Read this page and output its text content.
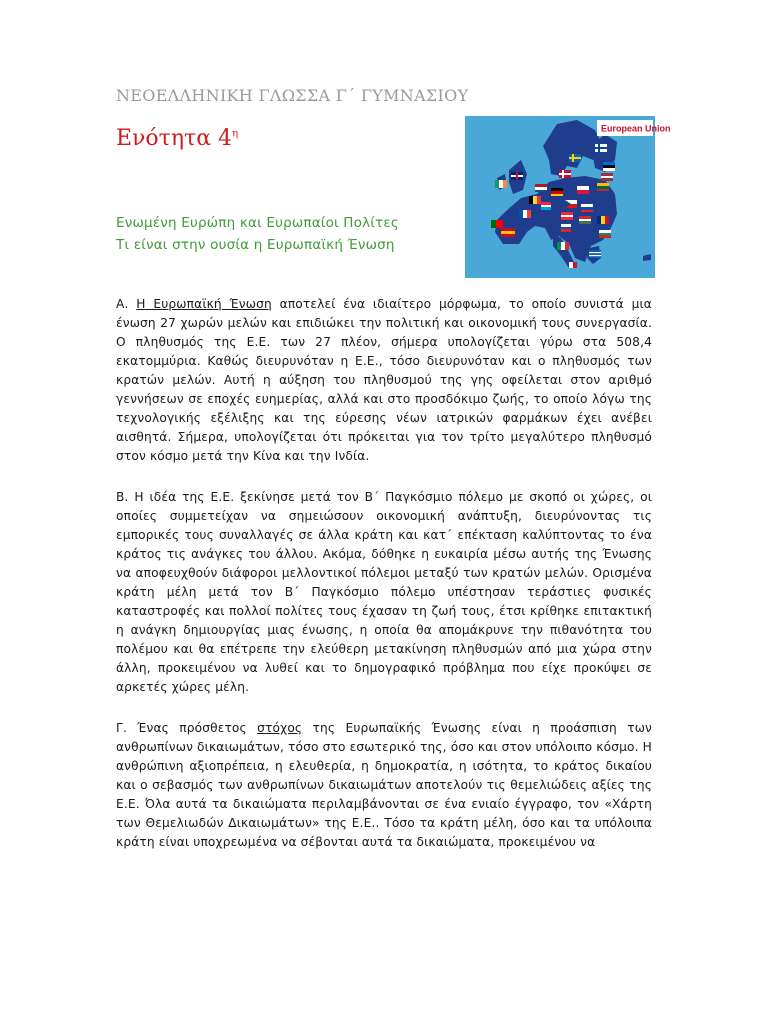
ΝΕΟΕΛΛΗΝΙΚΗ ΓΛΩΣΣΑ Γ΄ ΓΥΜΝΑΣΙΟΥ
Ενότητα $4^\eta$
Ενωμένη Ευρώπη και Ευρωπαίοι Πολίτες
Τι είναι στην ουσία η Ευρωπαϊκή Ένωση
European Union

Α. Η Ευρωπαϊκή Ένωση αποτελεί ένα ιδιαίτερο μόρφωμα, το οποίο συνιστά μια ένωση 27 χωρών μελών και επιδιώκει την πολιτική και οικονομική τους συνεργασία. Ο πληθυσμός της Ε.Ε. των 27 πλέον, σήμερα υπολογίζεται γύρω στα 508,4 εκατομμύρια. Καθώς διευρυνόταν η Ε.Ε., τόσο διευρυνόταν και ο πληθυσμός των κρατών μελών. Αυτή η αύξηση του πληθυσμού της γης οφείλεται στον αριθμό γεννήσεων σε εποχές ευημερίας, αλλά και στο προσδόκιμο ζωής, το οποίο λόγω της τεχνολογικής εξέλιξης και της εύρεσης νέων ιατρικών φαρμάκων έχει ανέβει αισθητά. Σήμερα, υπολογίζεται ότι πρόκειται για τον τρίτο μεγαλύτερο πληθυσμό στον κόσμο μετά την Κίνα και την Ινδία.

Β. Η ιδέα της Ε.Ε. ξεκίνησε μετά τον Β΄ Παγκόσμιο πόλεμο με σκοπό οι χώρες, οι οποίες συμμετείχαν να σημειώσουν οικονομική ανάπτυξη, διευρύνοντας τις εμπορικές τους συναλλαγές σε άλλα κράτη και κατ΄ επέκταση καλύπτοντας το ένα κράτος τις ανάγκες του άλλου. Ακόμα, δόθηκε η ευκαιρία μέσω αυτής της Ένωσης να αποφευχθούν διάφοροι μελλοντικοί πόλεμοι μεταξύ των κρατών μελών. Ορισμένα κράτη μέλη μετά τον Β΄ Παγκόσμιο πόλεμο υπέστησαν τεράστιες φυσικές καταστροφές και πολλοί πολίτες τους έχασαν τη ζωή τους, έτσι κρίθηκε επιτακτική η ανάγκη δημιουργίας μιας ένωσης, η οποία θα απομάκρυνε την πιθανότητα του πολέμου και θα επέτρεπε την ελεύθερη μετακίνηση πληθυσμών από μια χώρα στην άλλη, προκειμένου να λυθεί και το δημογραφικό πρόβλημα που είχε προκύψει σε αρκετές χώρες μέλη.

Γ. Ένας πρόσθετος στόχος της Ευρωπαϊκής Ένωσης είναι η προάσπιση των ανθρωπίνων δικαιωμάτων, τόσο στο εσωτερικό της, όσο και στον υπόλοιπο κόσμο. Η ανθρώπινη αξιοπρέπεια, η ελευθερία, η δημοκρατία, η ισότητα, το κράτος δικαίου και ο σεβασμός των ανθρωπίνων δικαιωμάτων αποτελούν τις θεμελιώδεις αξίες της Ε.Ε. Όλα αυτά τα δικαιώματα περιλαμβάνονται σε ένα ενιαίο έγγραφο, τον «Χάρτη των Θεμελιωδών Δικαιωμάτων» της Ε.Ε.. Τόσο τα κράτη μέλη, όσο και τα υπόλοιπα κράτη είναι υποχρεωμένα να σέβονται αυτά τα δικαιώματα, προκειμένου να
